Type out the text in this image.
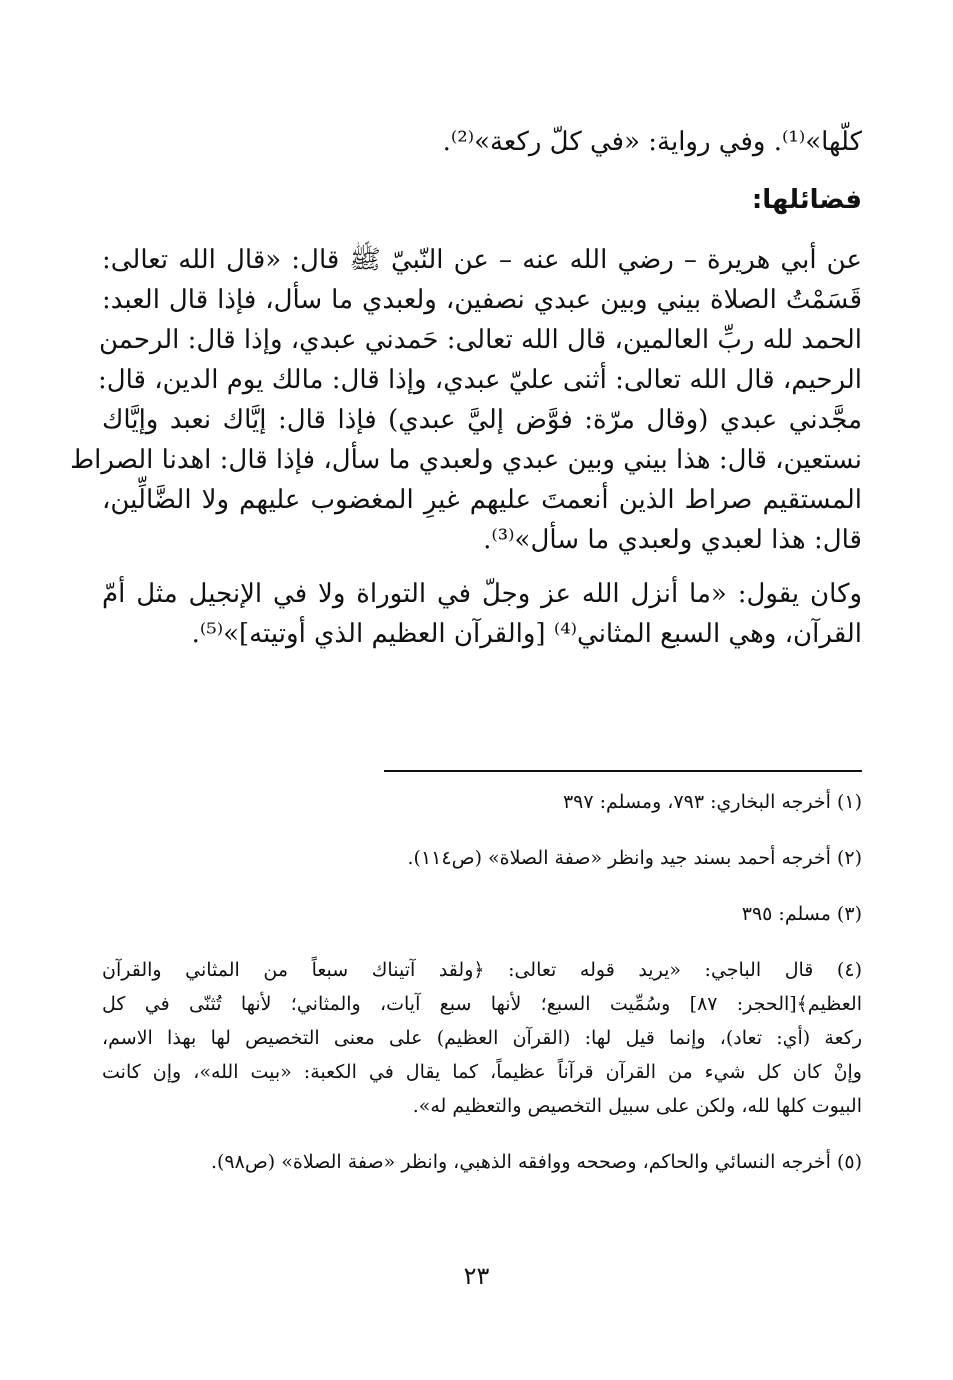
كلّها»⁽¹⁾. وفي رواية: «في كلّ ركعة»⁽²⁾.
فضائلها:
عن أبي هريرة – رضي الله عنه – عن النّبيّ ﷺ قال: «قال الله تعالى:
قَسَمْتُ الصلاة بيني وبين عبدي نصفين، ولعبدي ما سأل، فإذا قال العبد:
الحمد لله ربِّ العالمين، قال الله تعالى: حَمدني عبدي، وإذا قال: الرحمن
الرحيم، قال الله تعالى: أثنى عليّ عبدي، وإذا قال: مالك يوم الدين، قال:
مجَّدني عبدي (وقال مرّة: فوَّض إليَّ عبدي) فإذا قال: إيَّاك نعبد وإيَّاك
نستعين، قال: هذا بيني وبين عبدي ولعبدي ما سأل، فإذا قال: اهدنا الصراط
المستقيم صراط الذين أنعمتَ عليهم غيرِ المغضوب عليهم ولا الضَّالِّين،
قال: هذا لعبدي ولعبدي ما سأل»⁽³⁾.
وكان يقول: «ما أنزل الله عز وجلّ في التوراة ولا في الإنجيل مثل أمّ
القرآن، وهي السبع المثاني⁽⁴⁾ [والقرآن العظيم الذي أوتيته]»⁽⁵⁾.
(١) أخرجه البخاري: ٧٩٣، ومسلم: ٣٩٧
(٢) أخرجه أحمد بسند جيد وانظر «صفة الصلاة» (ص١١٤).
(٣) مسلم: ٣٩٥
(٤) قال الباجي: «يريد قوله تعالى: ﴿ولقد آتيناك سبعاً من المثاني والقرآن
العظيم﴾[الحجر: ٨٧] وسُمِّيت السبع؛ لأنها سبع آيات، والمثاني؛ لأنها تُثنّى في كل
ركعة (أي: تعاد)، وإنما قيل لها: (القرآن العظيم) على معنى التخصيص لها بهذا الاسم،
وإنْ كان كل شيء من القرآن قرآناً عظيماً، كما يقال في الكعبة: «بيت الله»، وإن كانت
البيوت كلها لله، ولكن على سبيل التخصيص والتعظيم له».
(٥) أخرجه النسائي والحاكم، وصححه ووافقه الذهبي، وانظر «صفة الصلاة» (ص٩٨).
٢٣
